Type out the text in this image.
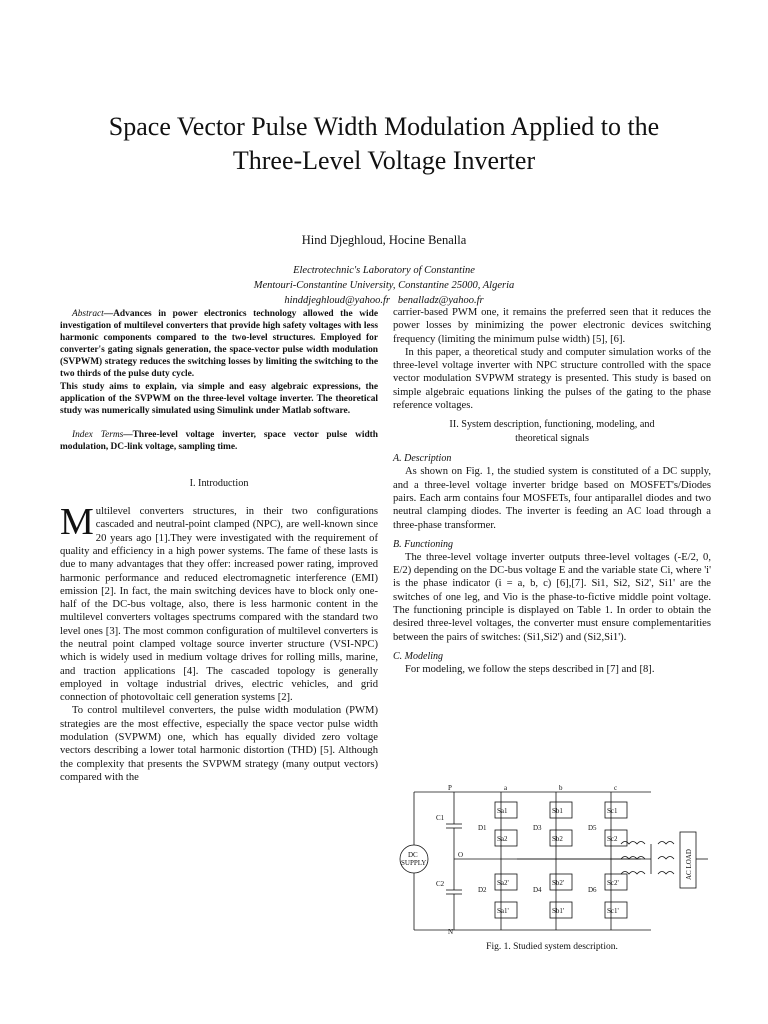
Space Vector Pulse Width Modulation Applied to the
Three-Level Voltage Inverter
Hind Djeghloud, Hocine Benalla
Electrotechnic's Laboratory of Constantine
Mentouri-Constantine University, Constantine 25000, Algeria
hinddjeghloud@yahoo.fr   benalladz@yahoo.fr

Abstract—Advances in power electronics technology allowed the wide investigation of multilevel converters that provide high safety voltages with less harmonic components compared to the two-level structures. Employed for converter's gating signals generation, the space-vector pulse width modulation (SVPWM) strategy reduces the switching losses by limiting the switching to the two thirds of the pulse duty cycle.

This study aims to explain, via simple and easy algebraic expressions, the application of the SVPWM on the three-level voltage inverter. The theoretical study was numerically simulated using Simulink under Matlab software.

Index Terms—Three-level voltage inverter, space vector pulse width modulation, DC-link voltage, sampling time.

I. Introduction

Multilevel converters structures, in their two configurations cascaded and neutral-point clamped (NPC), are well-known since 20 years ago [1].They were investigated with the requirement of quality and efficiency in a high power systems. The fame of these lasts is due to many advantages that they offer: increased power rating, improved harmonic performance and reduced electromagnetic interference (EMI) emission [2]. In fact, the main switching devices have to block only one-half of the DC-bus voltage, also, there is less harmonic content in the multilevel converters voltages spectrums compared with the standard two level ones [3]. The most common configuration of multilevel converters is the neutral point clamped voltage source inverter structure (VSI-NPC) which is widely used in medium voltage drives for rolling mills, marine, and traction applications [4]. The cascaded topology is generally employed in voltage industrial drives, electric vehicles, and grid connection of photovoltaic cell generation systems [2].

To control multilevel converters, the pulse width modulation (PWM) strategies are the most effective, especially the space vector pulse width modulation (SVPWM) one, which has equally divided zero voltage vectors describing a lower total harmonic distortion (THD) [5]. Although the complexity that presents the SVPWM strategy (many output vectors) compared with the

carrier-based PWM one, it remains the preferred seen that it reduces the power losses by minimizing the power electronic devices switching frequency (limiting the minimum pulse width) [5], [6].

In this paper, a theoretical study and computer simulation works of the three-level voltage inverter with NPC structure controlled with the space vector modulation SVPWM strategy is presented. This study is based on simple algebraic equations linking the pulses of the gating to the phase reference voltages.

II. System description, functioning, modeling, and

theoretical signals

A. Description

As shown on Fig. 1, the studied system is constituted of a DC supply, and a three-level voltage inverter bridge based on MOSFET's/Diodes pairs. Each arm contains four MOSFETs, four antiparallel diodes and two neutral clamping diodes. The inverter is feeding an AC load through a three-phase transformer.

B. Functioning

The three-level voltage inverter outputs three-level voltages (-E/2, 0, E/2) depending on the DC-bus voltage E and the variable state Ci, where 'i' is the phase indicator (i = a, b, c) [6],[7]. Si1, Si2, Si2', Si1' are the switches of one leg, and Vio is the phase-to-fictive middle point voltage. The functioning principle is displayed on Table 1. In order to obtain the desired three-level voltages, the converter must ensure complementarities between the pairs of switches: (Si1,Si2') and (Si2,Si1').

C. Modeling

For modeling, we follow the steps described in [7] and [8].

DC
SUPPLY
P
N
O
C1
C2
a	b	c
Sa1	Sb1	Sc1
Sa2	Sb2	Sc2
Sa2'	Sb2'	Sc2'
Sa1'	Sb1'	Sc1'
D1	D3	D5
D2	D4	D6
AC LOAD
Fig. 1. Studied system description.
